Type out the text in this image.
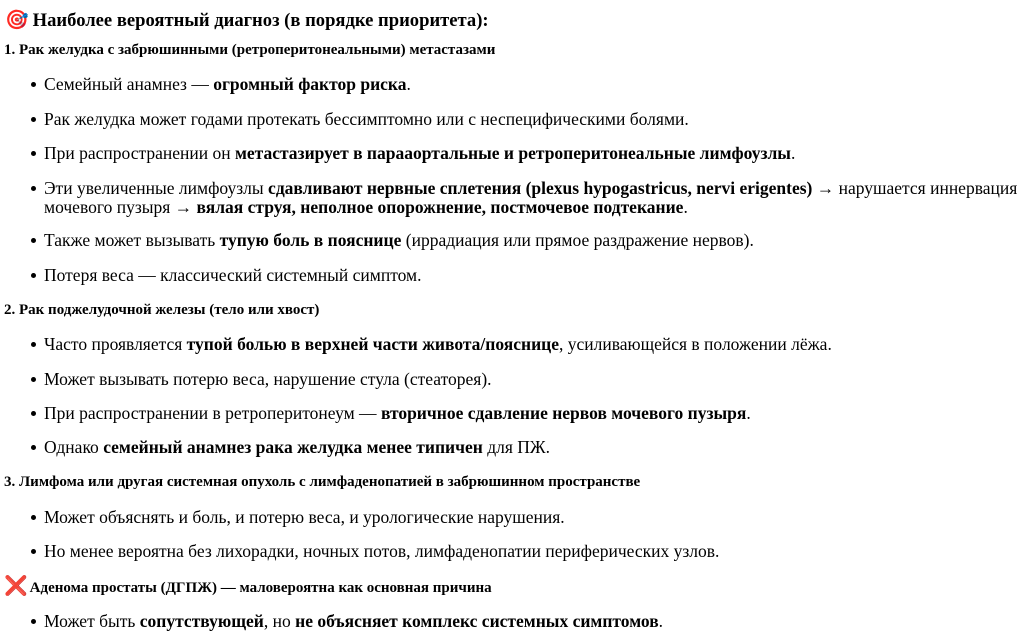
🎯 Наиболее вероятный диагноз (в порядке приоритета):
1. Рак желудка с забрюшинными (ретроперитонеальными) метастазами
Семейный анамнез — огромный фактор риска.
Рак желудка может годами протекать бессимптомно или с неспецифическими болями.
При распространении он метастазирует в парааортальные и ретроперитонеальные лимфоузлы.
Эти увеличенные лимфоузлы сдавливают нервные сплетения (plexus hypogastricus, nervi erigentes) → нарушается иннервация мочевого пузыря → вялая струя, неполное опорожнение, постмочевое подтекание.
Также может вызывать тупую боль в пояснице (иррадиация или прямое раздражение нервов).
Потеря веса — классический системный симптом.
2. Рак поджелудочной железы (тело или хвост)
Часто проявляется тупой болью в верхней части живота/пояснице, усиливающейся в положении лёжа.
Может вызывать потерю веса, нарушение стула (стеаторея).
При распространении в ретроперитонеум — вторичное сдавление нервов мочевого пузыря.
Однако семейный анамнез рака желудка менее типичен для ПЖ.
3. Лимфома или другая системная опухоль с лимфаденопатией в забрюшинном пространстве
Может объяснять и боль, и потерю веса, и урологические нарушения.
Но менее вероятна без лихорадки, ночных потов, лимфаденопатии периферических узлов.
❌ Аденома простаты (ДГПЖ) — маловероятна как основная причина
Может быть сопутствующей, но не объясняет комплекс системных симптомов.
